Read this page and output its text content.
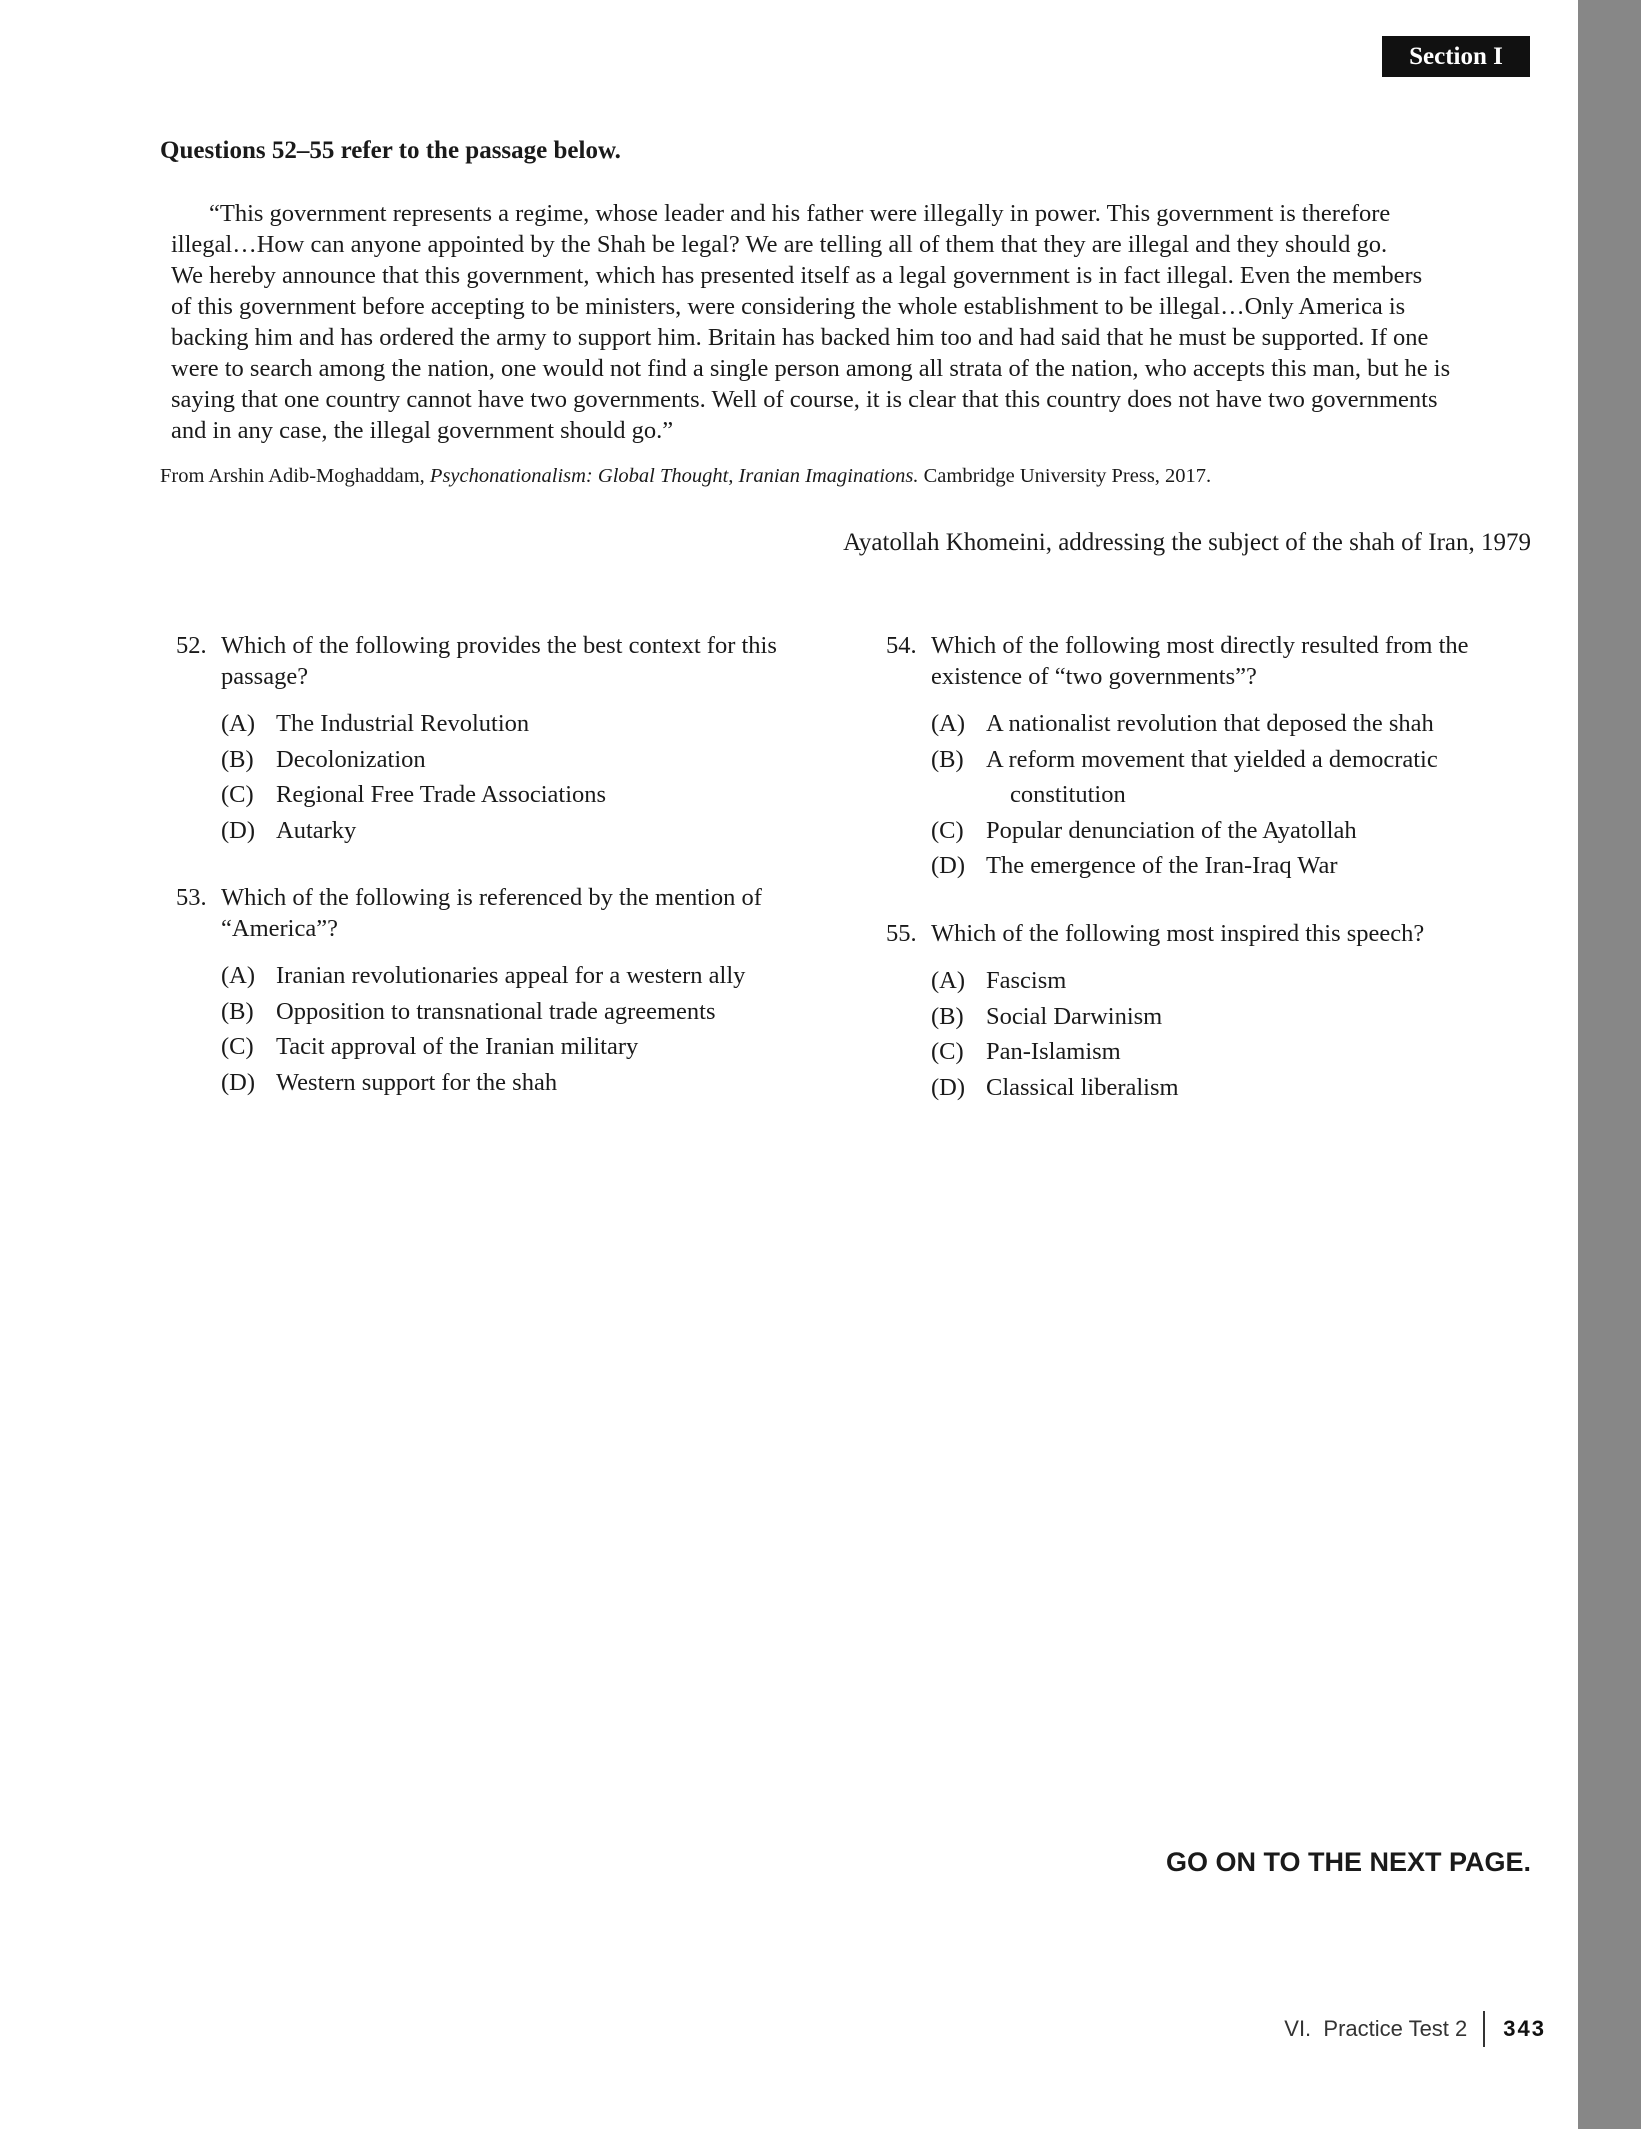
Section I
Questions 52–55 refer to the passage below.

“This government represents a regime, whose leader and his father were illegally in power. This government is therefore
illegal…How can anyone appointed by the Shah be legal? We are telling all of them that they are illegal and they should go.
We hereby announce that this government, which has presented itself as a legal government is in fact illegal. Even the members
of this government before accepting to be ministers, were considering the whole establishment to be illegal…Only America is
backing him and has ordered the army to support him. Britain has backed him too and had said that he must be supported. If one
were to search among the nation, one would not find a single person among all strata of the nation, who accepts this man, but he is
saying that one country cannot have two governments. Well of course, it is clear that this country does not have two governments
and in any case, the illegal government should go.”

From Arshin Adib-Moghaddam, Psychonationalism: Global Thought, Iranian Imaginations. Cambridge University Press, 2017.
Ayatollah Khomeini, addressing the subject of the shah of Iran, 1979
52. Which of the following provides the best context for this
passage?
(A) The Industrial Revolution
(B) Decolonization
(C) Regional Free Trade Associations
(D) Autarky
53. Which of the following is referenced by the mention of
“America”?
(A) Iranian revolutionaries appeal for a western ally
(B) Opposition to transnational trade agreements
(C) Tacit approval of the Iranian military
(D) Western support for the shah
54. Which of the following most directly resulted from the
existence of “two governments”?
(A) A nationalist revolution that deposed the shah
(B) A reform movement that yielded a democratic
constitution
(C) Popular denunciation of the Ayatollah
(D) The emergence of the Iran-Iraq War
55. Which of the following most inspired this speech?
(A) Fascism
(B) Social Darwinism
(C) Pan-Islamism
(D) Classical liberalism
GO ON TO THE NEXT PAGE.
VI.  Practice Test 2 343
